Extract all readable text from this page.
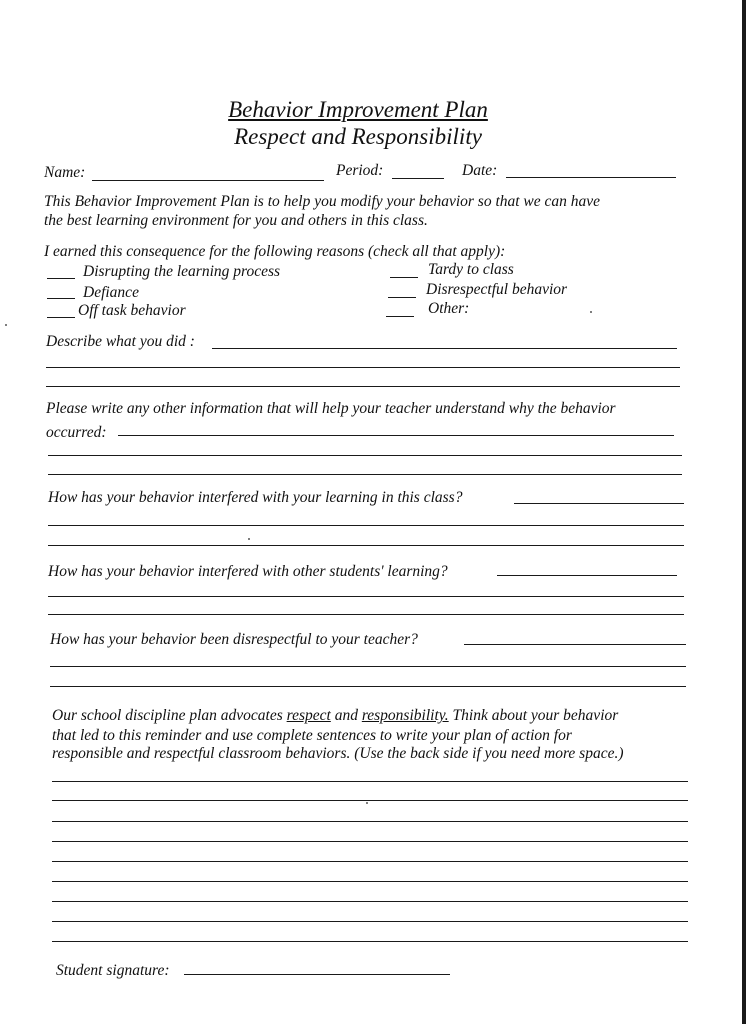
Behavior Improvement Plan
Respect and Responsibility
Name:	Period:	Date:
This Behavior Improvement Plan is to help you modify your behavior so that we can have
the best learning environment for you and others in this class.
I earned this consequence for the following reasons (check all that apply):
Disrupting the learning process
Defiance
Off task behavior
Tardy to class
Disrespectful behavior
Other:
Describe what you did :
Please write any other information that will help your teacher understand why the behavior
occurred:
How has your behavior interfered with your learning in this class?
How has your behavior interfered with other students' learning?
How has your behavior been disrespectful to your teacher?
Our school discipline plan advocates respect and responsibility. Think about your behavior
that led to this reminder and use complete sentences to write your plan of action for
responsible and respectful classroom behaviors. (Use the back side if you need more space.)
Student signature:
